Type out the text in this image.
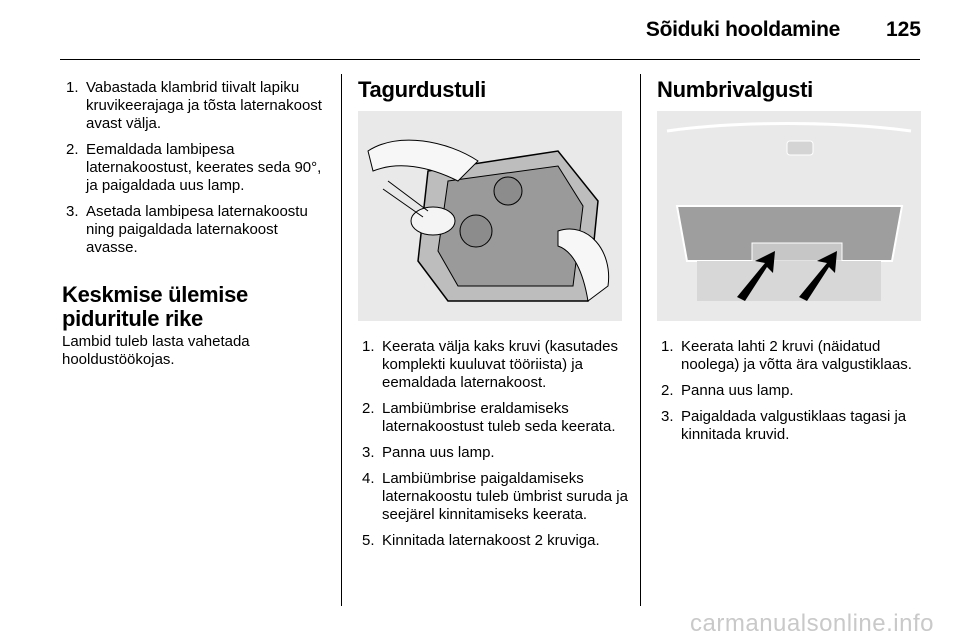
Sõiduki hooldamine 125
1. Vabastada klambrid tiivalt lapiku kruvikeerajaga ja tõsta laternakoost avast välja.
2. Eemaldada lambipesa laternakoostust, keerates seda 90°, ja paigaldada uus lamp.
3. Asetada lambipesa laternakoostu ning paigaldada laternakoost avasse.
Keskmise ülemise
piduritule rike

Lambid tuleb lasta vahetada hooldustöökojas.

Tagurdustuli
1. Keerata välja kaks kruvi (kasutades komplekti kuuluvat tööriista) ja eemaldada laternakoost.
2. Lambiümbrise eraldamiseks laternakoostust tuleb seda keerata.
3. Panna uus lamp.
4. Lambiümbrise paigaldamiseks laternakoostu tuleb ümbrist suruda ja seejärel kinnitamiseks keerata.
5. Kinnitada laternakoost 2 kruviga.
Numbrivalgusti
1. Keerata lahti 2 kruvi (näidatud noolega) ja võtta ära valgustiklaas.
2. Panna uus lamp.
3. Paigaldada valgustiklaas tagasi ja kinnitada kruvid.
carmanualsonline.info
